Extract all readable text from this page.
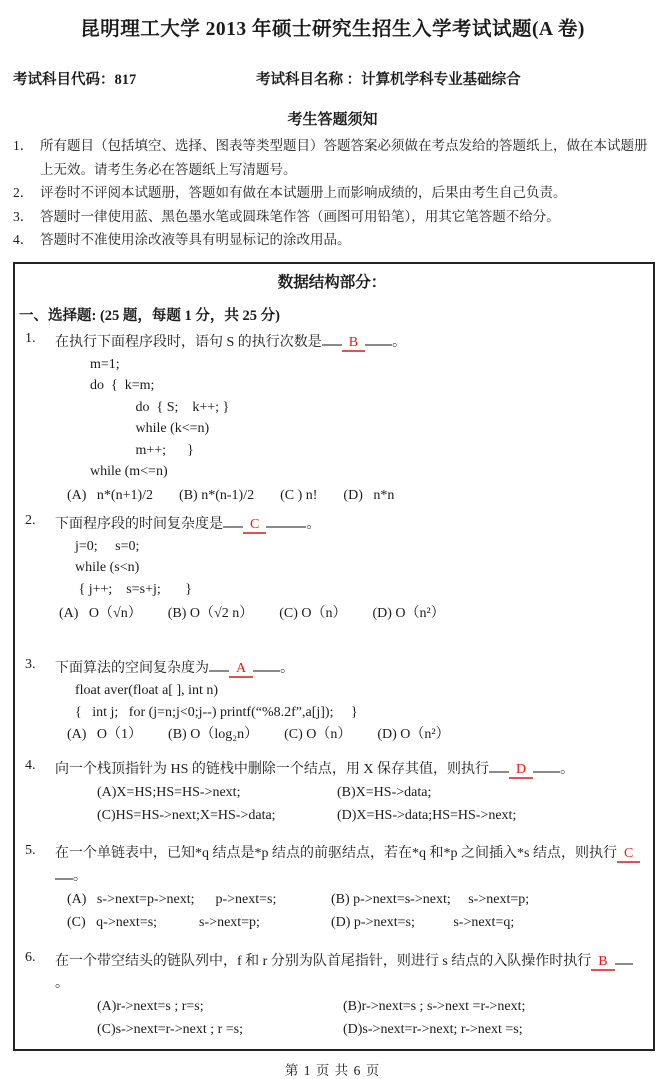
昆明理工大学 2013 年硕士研究生招生入学考试试题(A 卷)
考试科目代码：817	考试科目名称 ：计算机学科专业基础综合
考生答题须知
1． 所有题目（包括填空、选择、图表等类型题目）答题答案必须做在考点发给的答题纸上，做在本试题册上无效。请考生务必在答题纸上写清题号。
2． 评卷时不评阅本试题册，答题如有做在本试题册上而影响成绩的，后果由考生自己负责。
3． 答题时一律使用蓝、黑色墨水笔或圆珠笔作答（画图可用铅笔），用其它笔答题不给分。
4． 答题时不准使用涂改液等具有明显标记的涂改用品。
数据结构部分：
一、选择题: (25 题，每题 1 分，共 25 分)
1.	在执行下面程序段时，语句 S 的执行次数是 B 。
m=1;
do  {  k=m;
do  { S;    k++; }
while (k<=n)
m++;      }
while (m<=n)
(A)   n*(n+1)/2 (B) n*(n-1)/2 (C ) n! (D)   n*n
2.	下面程序段的时间复杂度是 C	。
j=0;     s=0;
while (s<n)
{ j++;    s=s+j;       }
(A)   O（√n） (B) O（√2 n） (C) O（n） (D) O（n²）
3.	下面算法的空间复杂度为 A 。
float aver(float a[ ], int n)
{   int j;   for (j=n;j<0;j--) printf(“%8.2f”,a[j]);     }
(A)   O（1） (B) O（log₂n） (C) O（n） (D) O（n²）
4.	向一个栈顶指针为 HS 的链栈中删除一个结点，用 X 保存其值，则执行 D 。
(A)X=HS;HS=HS->next;	(B)X=HS->data;
(C)HS=HS->next;X=HS->data;	(D)X=HS->data;HS=HS->next;
5.	在一个单链表中，已知*q 结点是*p 结点的前驱结点，若在*q 和*p 之间插入*s 结点，则执行 C。
(A)   s->next=p->next;      p->next=s;	(B) p->next=s->next;     s->next=p;
(C)   q->next=s;            s->next=p;	(D) p->next=s;           s->next=q;
6.	在一个带空结头的链队列中，f 和 r 分别为队首尾指针，则进行 s 结点的入队操作时执行 B。
(A)r->next=s ; r=s;	(B)r->next=s ; s->next =r->next;
(C)s->next=r->next ; r =s;	(D)s->next=r->next; r->next =s;
第 1 页 共 6 页
